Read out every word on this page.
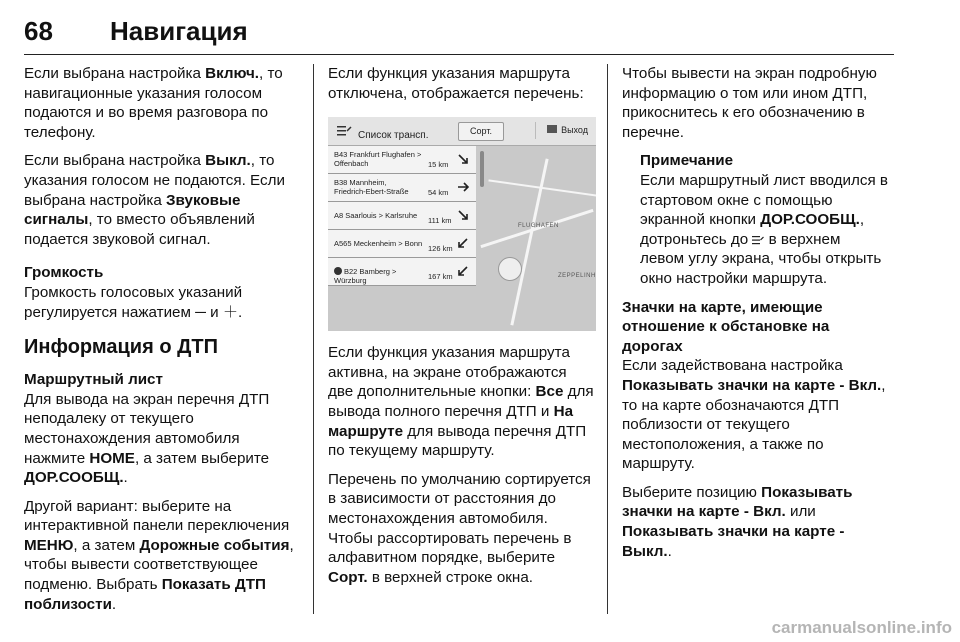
68 Навигация

Если выбрана настройка Включ., то навигационные указания голосом подаются и во время разговора по телефону.

Если выбрана настройка Выкл., то указания голосом не подаются. Если выбрана настройка Звуковые сигналы, то вместо объявлений подается звуковой сигнал.

Громкость

Громкость голосовых указаний регулируется нажатием ─ и ＋.

Информация о ДТП
Маршрутный лист

Для вывода на экран перечня ДТП неподалеку от текущего местонахождения автомобиля нажмите HOME, а затем выберите ДОР.СООБЩ..

Другой вариант: выберите на интерактивной панели переключения МЕНЮ, а затем Дорожные события, чтобы вывести соответствующее подменю. Выбрать Показать ДТП поблизости.

Если функция указания маршрута отключена, отображается перечень:

FLUGHAFEN
ZEPPELINH
Список трансп.	Сорт.	Выход
B43 Frankfurt Flughafen >
Offenbach	15 km
B38 Mannheim,
Friedrich-Ebert-Straße	54 km
A8 Saarlouis > Karlsruhe
111 km
A565 Meckenheim > Bonn
126 km
B22 Bamberg > Würzburg	167 km

Если функция указания маршрута активна, на экране отображаются две дополнительные кнопки: Все для вывода полного перечня ДТП и На маршруте для вывода перечня ДТП по текущему маршруту.

Перечень по умолчанию сортируется в зависимости от расстояния до местонахождения автомобиля. Чтобы рассортировать перечень в алфавитном порядке, выберите Сорт. в верхней строке окна.

Чтобы вывести на экран подробную информацию о том или ином ДТП, прикоснитесь к его обозначению в перечне.

Примечание

Если маршрутный лист вводился в стартовом окне с помощью экранной кнопки ДОР.СООБЩ., дотроньтесь до  в верхнем левом углу экрана, чтобы открыть окно настройки маршрута.

Значки на карте, имеющие отношение к обстановке на дорогах

Если задействована настройка Показывать значки на карте - Вкл., то на карте обозначаются ДТП поблизости от текущего местоположения, а также по маршруту.

Выберите позицию Показывать значки на карте - Вкл. или Показывать значки на карте - Выкл..

carmanualsonline.info
